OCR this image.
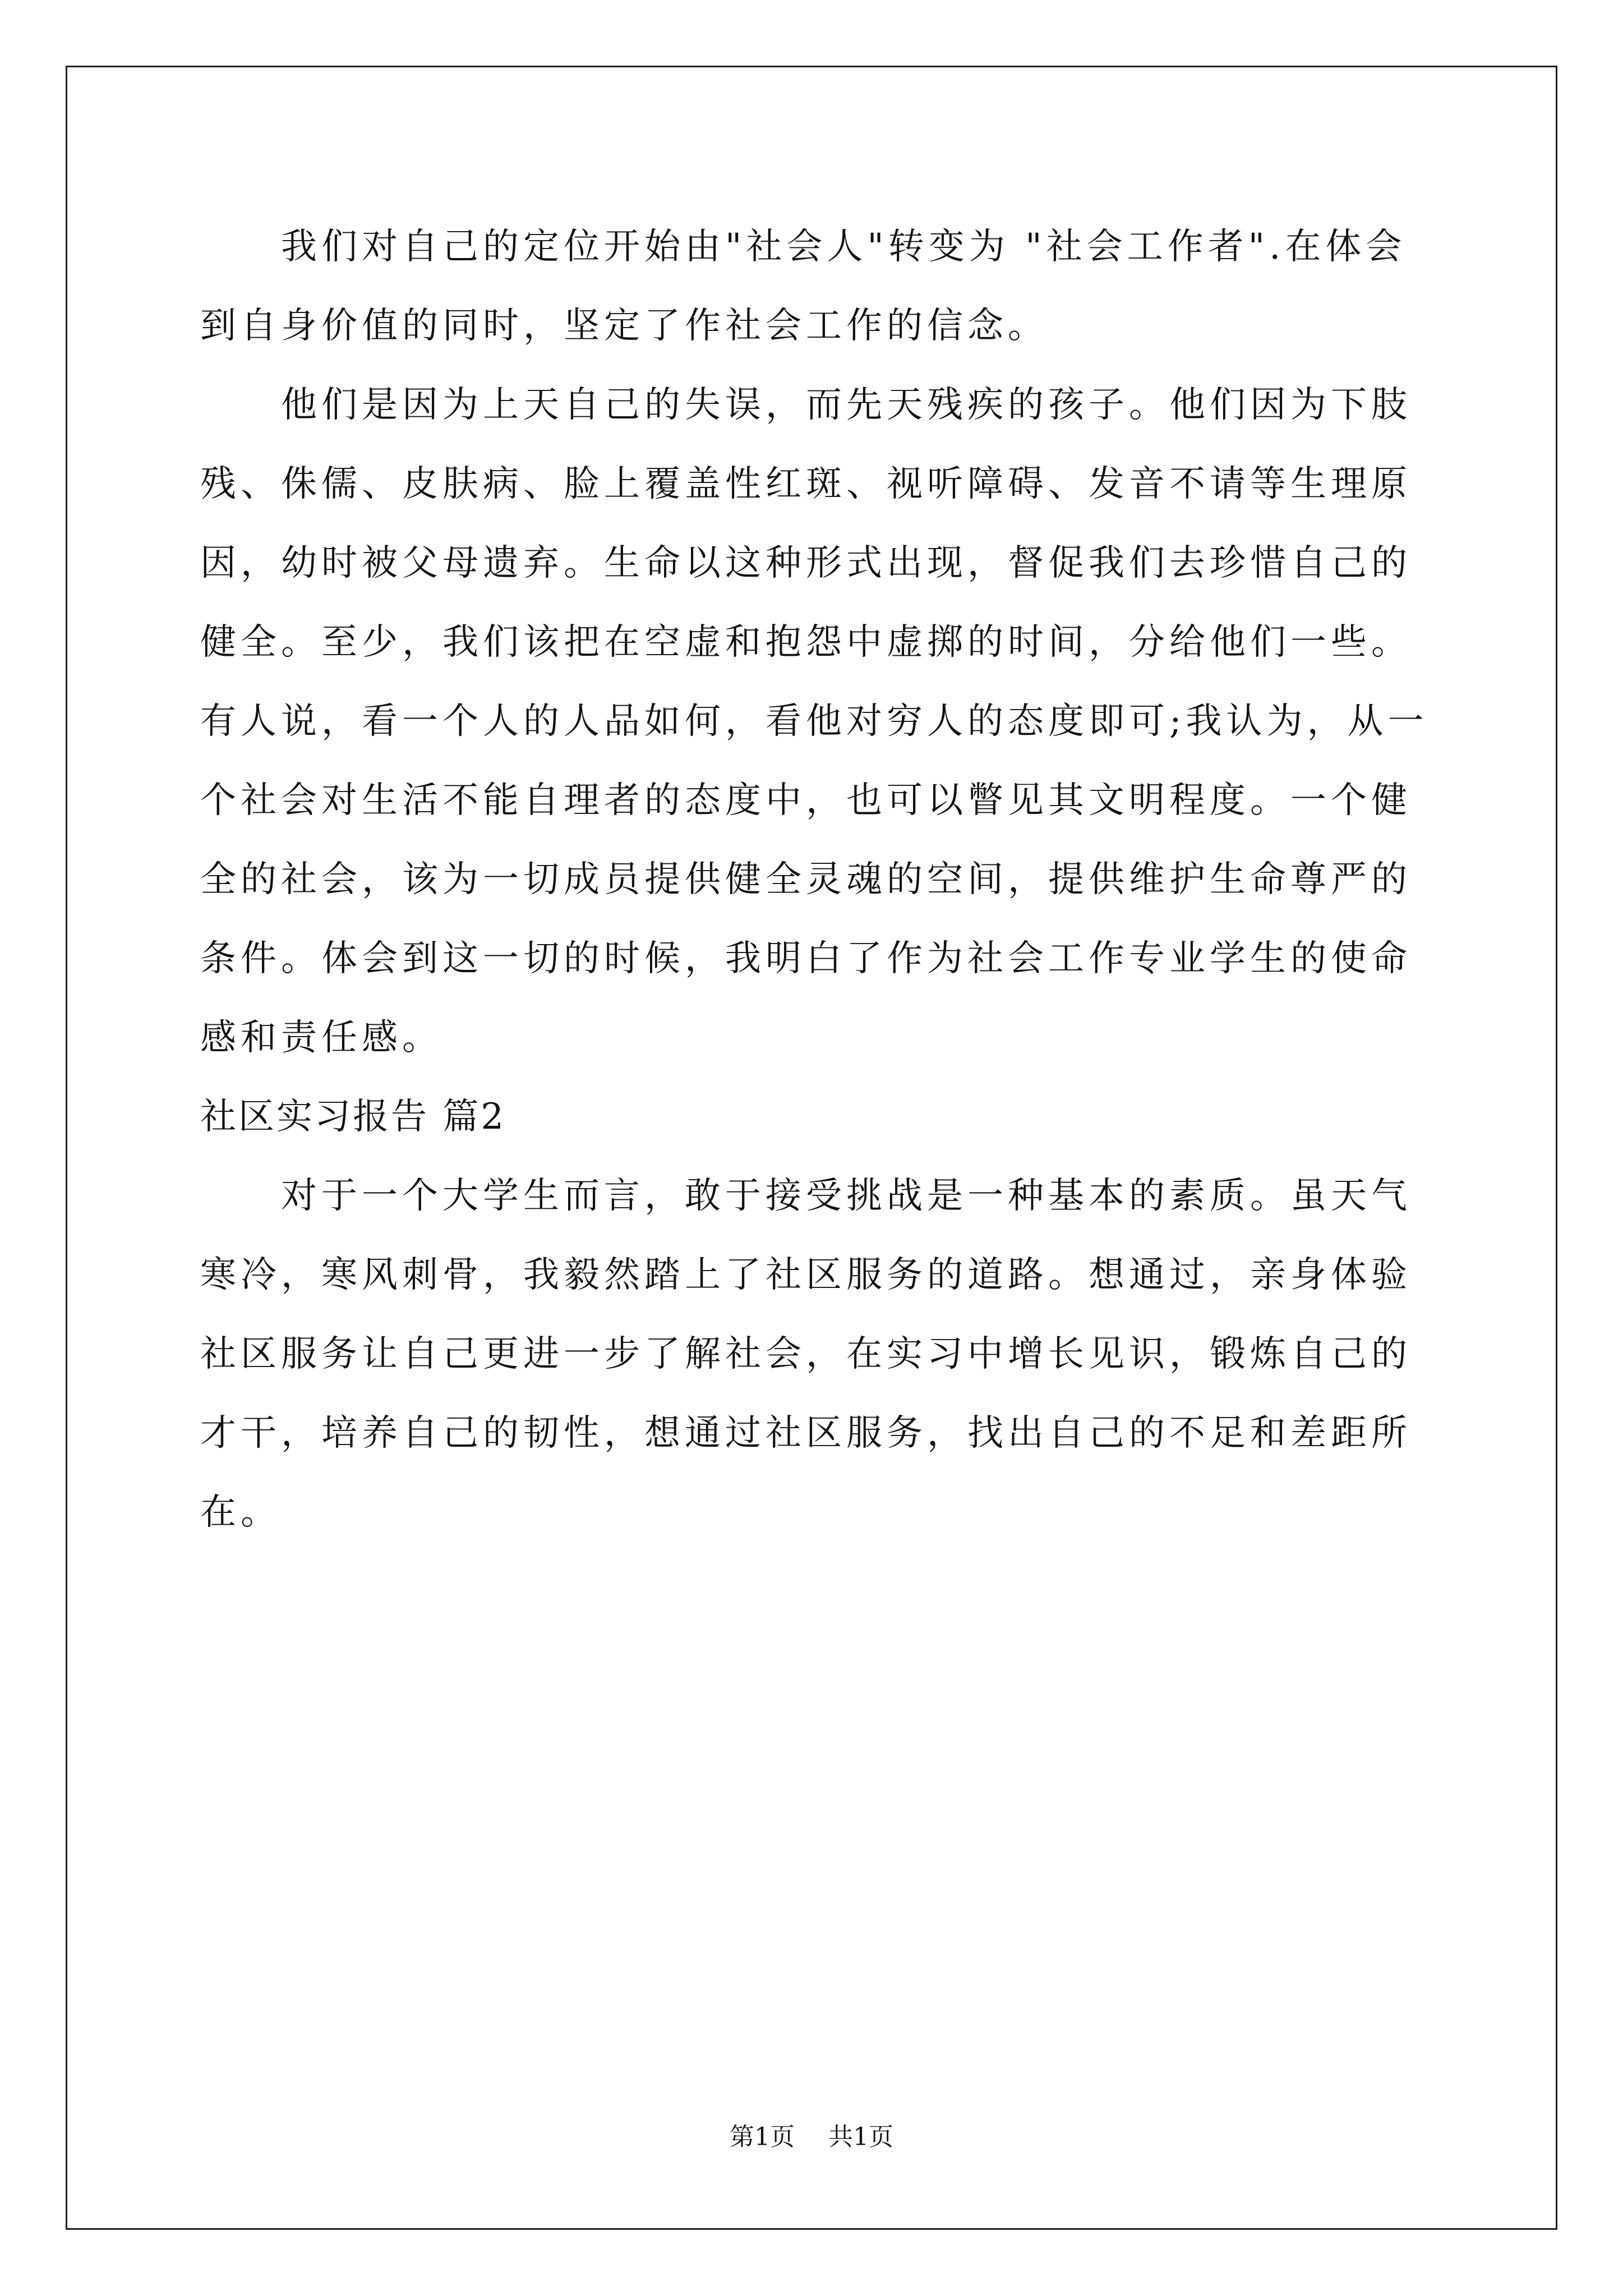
我们对自己的定位开始由"社会人"转变为 "社会工作者".在体会
到自身价值的同时，坚定了作社会工作的信念。
他们是因为上天自己的失误，而先天残疾的孩子。他们因为下肢
残、侏儒、皮肤病、脸上覆盖性红斑、视听障碍、发音不请等生理原
因，幼时被父母遗弃。生命以这种形式出现，督促我们去珍惜自己的
健全。至少，我们该把在空虚和抱怨中虚掷的时间，分给他们一些。
有人说，看一个人的人品如何，看他对穷人的态度即可;我认为，从一
个社会对生活不能自理者的态度中，也可以瞥见其文明程度。一个健
全的社会，该为一切成员提供健全灵魂的空间，提供维护生命尊严的
条件。体会到这一切的时候，我明白了作为社会工作专业学生的使命
感和责任感。
社区实习报告 篇2
对于一个大学生而言，敢于接受挑战是一种基本的素质。虽天气
寒冷，寒风刺骨，我毅然踏上了社区服务的道路。想通过，亲身体验
社区服务让自己更进一步了解社会，在实习中增长见识，锻炼自己的
才干，培养自己的韧性，想通过社区服务，找出自己的不足和差距所
在。
第1页 共1页
